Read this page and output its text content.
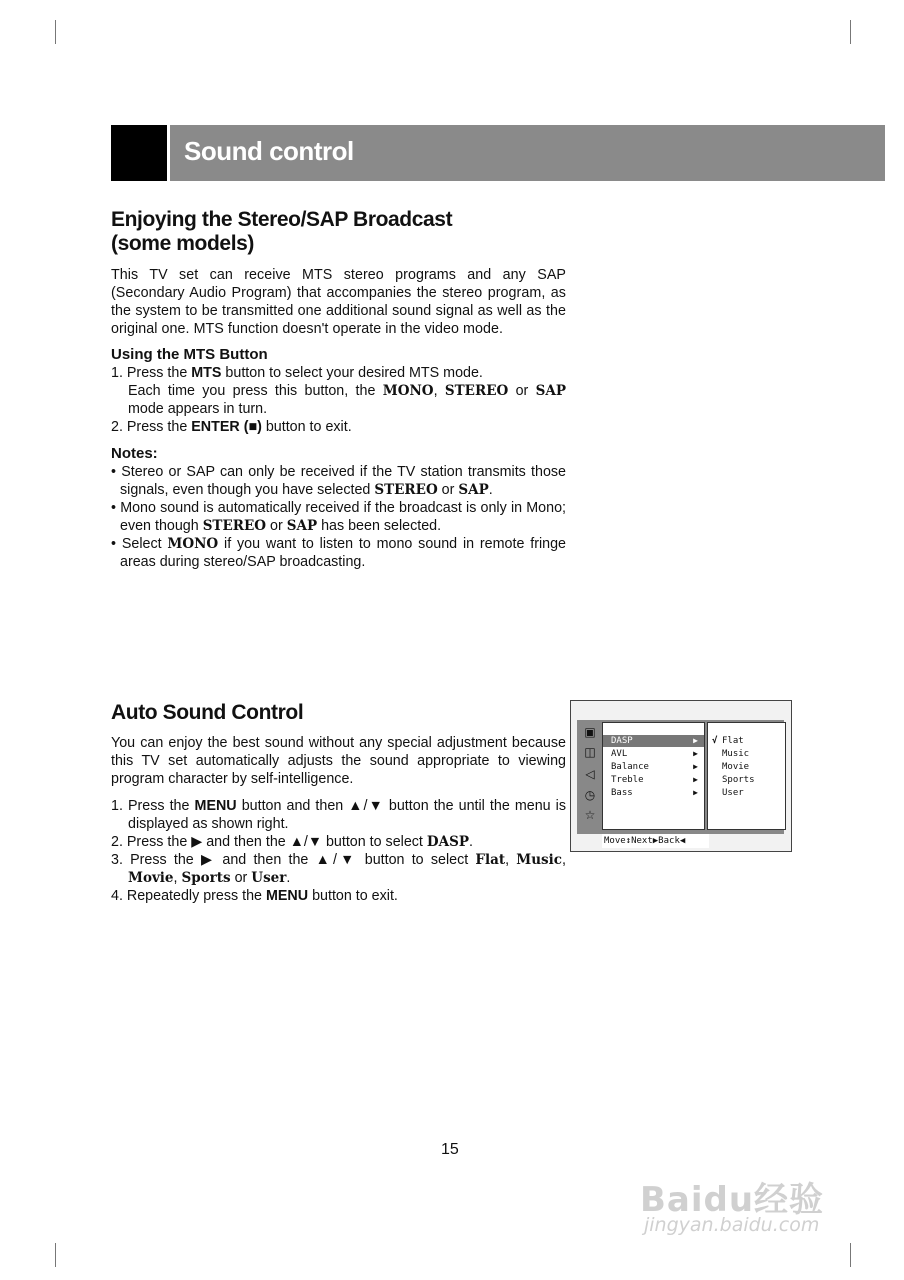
Sound control

Enjoying the Stereo/SAP Broadcast
(some models)

This TV set can receive MTS stereo programs and any SAP (Secondary Audio Program) that accompanies the stereo program, as the system to be transmitted one additional sound signal as well as the original one. MTS function doesn't operate in the video mode.

Using the MTS Button

1. Press the MTS button to select your desired MTS mode.

Each time you press this button, the MONO, STEREO or SAP mode appears in turn.

2. Press the ENTER (■) button to exit.

Notes:

• Stereo or SAP can only be received if the TV station transmits those signals, even though you have selected STEREO or SAP.

• Mono sound is automatically received if the broadcast is only in Mono; even though STEREO or SAP has been selected.

• Select MONO if you want to listen to mono sound in remote fringe areas during stereo/SAP broadcasting.

Auto Sound Control

You can enjoy the best sound without any special adjustment because this TV set automatically adjusts the sound appropriate to viewing program character by self-intelligence.

1. Press the MENU button and then ▲/▼ button the until the menu is displayed as shown right.

2. Press the ▶ and then the ▲/▼ button to select DASP.

3. Press the ▶ and then the ▲/▼ button to select Flat, Music, Movie, Sports or User.

4. Repeatedly press the MENU button to exit.

▣
◫
◁
◷
☆
DASP	▶
AVL	▶
Balance	▶
Treble	▶
Bass	▶
√ Flat
Music
Movie
Sports
User
Move↕Next▶Back◀
15
Baidu经验
jingyan.baidu.com
